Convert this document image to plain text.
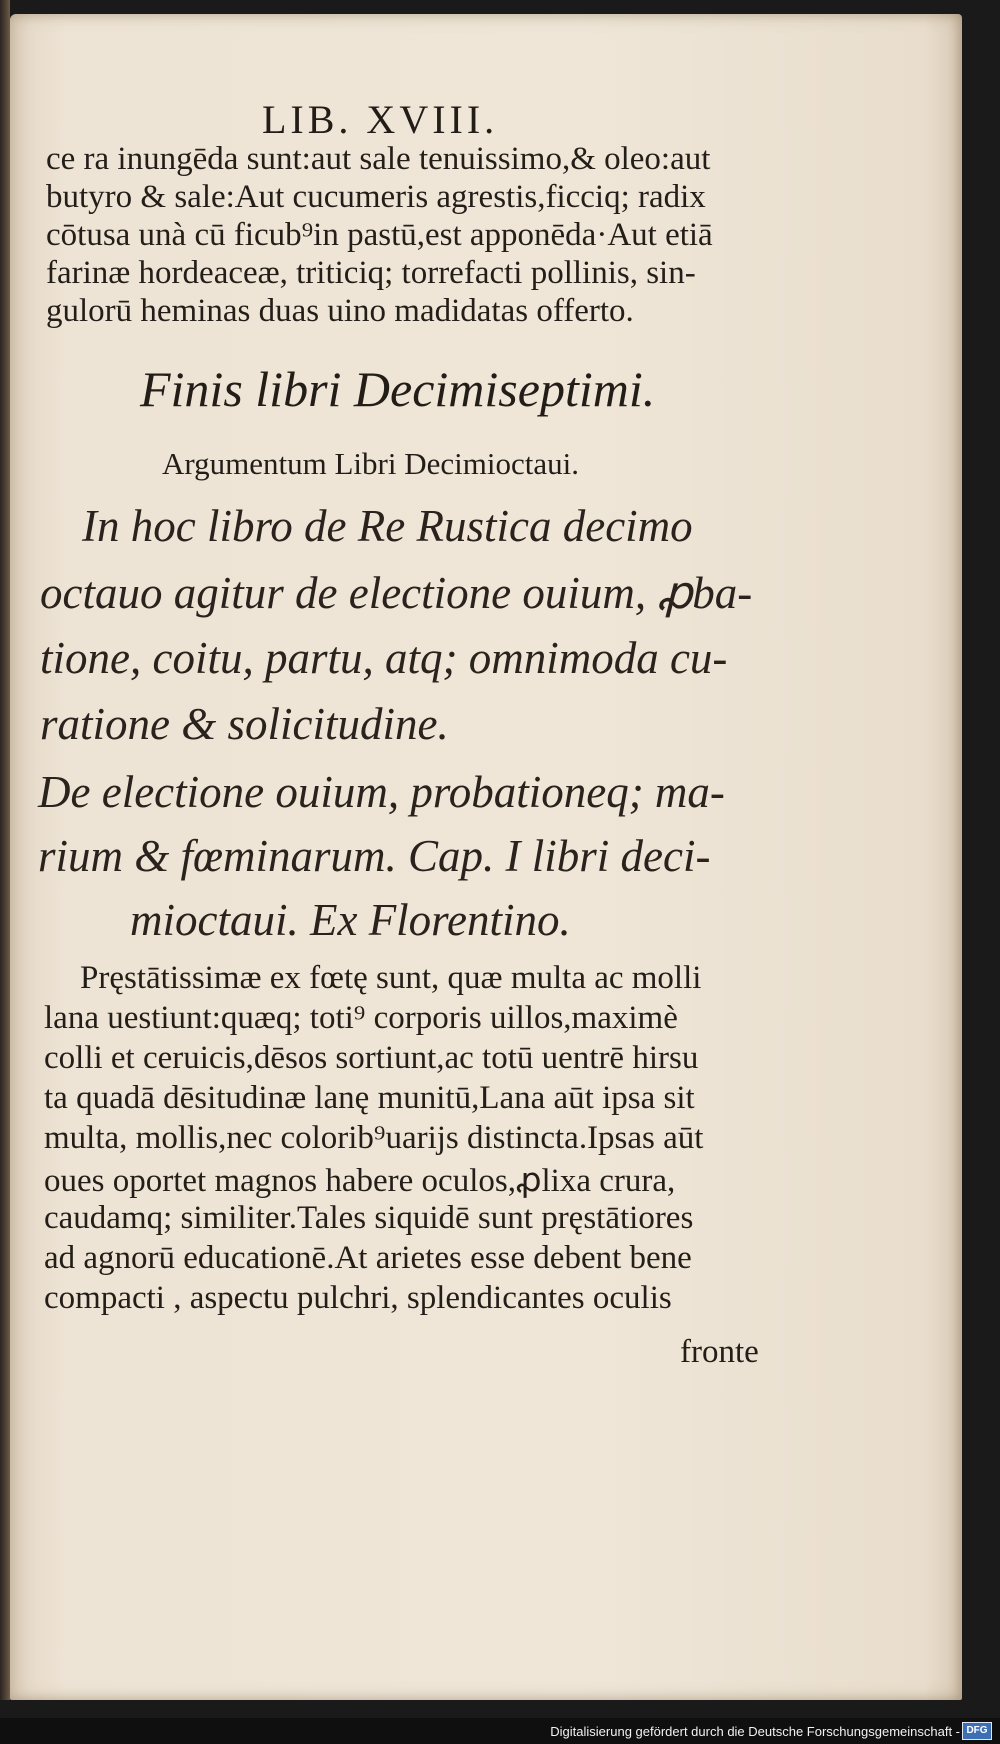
LIB. XVIII.
ce ra inungēda sunt:aut sale tenuissimo,& oleo:aut
butyro & sale:Aut cucumeris agrestis,ficciq; radix
cōtusa unà cū ficub⁹in pastū,est apponēda·Aut etiā
farinæ hordeaceæ, triticiq; torrefacti pollinis, sin-
gulorū heminas duas uino madidatas offerto.
Finis libri Decimiseptimi.
Argumentum Libri Decimioctaui.
In hoc libro de Re Rustica decimo
octauo agitur de electione ouium, ꝓba-
tione, coitu, partu, atq; omnimoda cu-
ratione & solicitudine.
De electione ouium, probationeq; ma-
rium & fœminarum. Cap. I libri deci-
mioctaui. Ex Florentino.
Pręstātissimæ ex fœtę sunt, quæ multa ac molli
lana uestiunt:quæq; toti⁹ corporis uillos,maximè
colli et ceruicis,dēsos sortiunt,ac totū uentrē hirsu
ta quadā dēsitudinæ lanę munitū,Lana aūt ipsa sit
multa, mollis,nec colorib⁹uarijs distincta.Ipsas aūt
oues oportet magnos habere oculos,ꝓlixa crura,
caudamq; similiter.Tales siquidē sunt pręstātiores
ad agnorū educationē.At arietes esse debent bene
compacti , aspectu pulchri, splendicantes oculis
fronte
Digitalisierung gefördert durch die Deutsche Forschungsgemeinschaft - DFG
